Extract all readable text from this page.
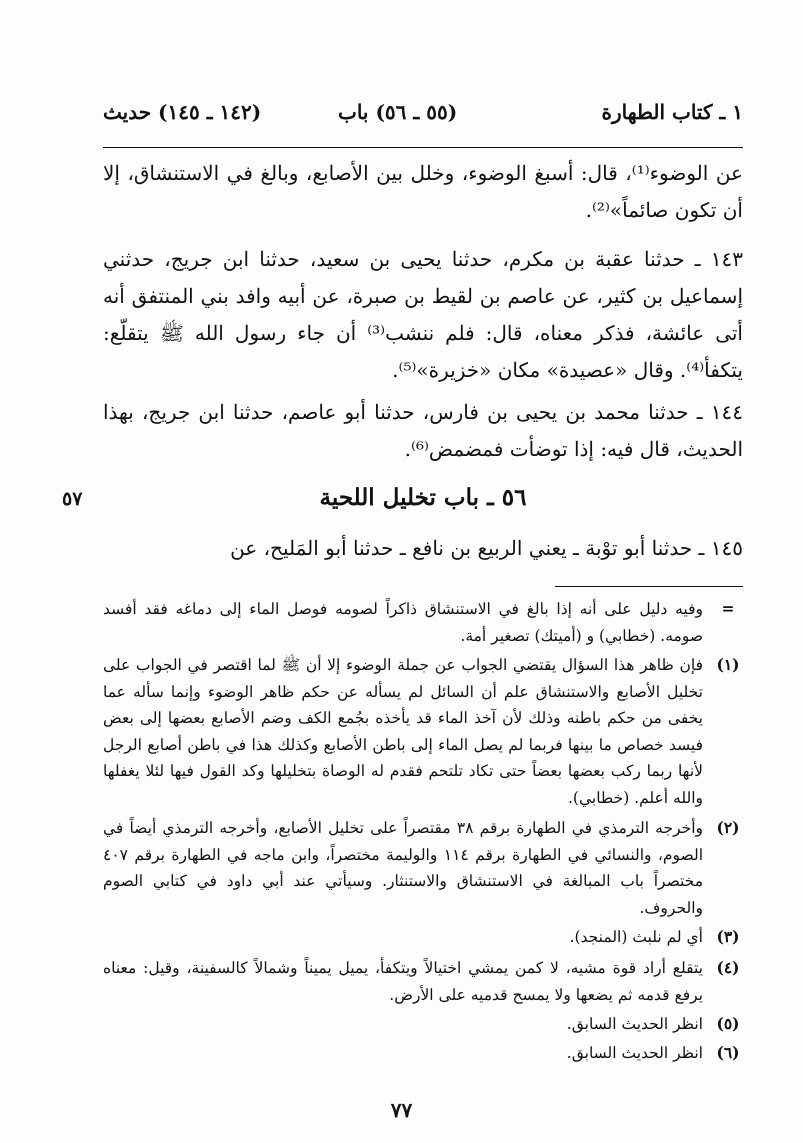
١ ـ كتاب الطهارة
(٥٥ ـ ٥٦) باب
(١٤٢ ـ ١٤٥) حديث
عن الوضوء⁽¹⁾، قال: أسبغ الوضوء، وخلل بين الأصابع، وبالغ في الاستنشاق، إلا أن تكون صائماً»⁽²⁾.
١٤٣ ـ حدثنا عقبة بن مكرم، حدثنا يحيى بن سعيد، حدثنا ابن جريج، حدثني إسماعيل بن كثير، عن عاصم بن لقيط بن صبرة، عن أبيه وافد بني المنتفق أنه أتى عائشة، فذكر معناه، قال: فلم ننشب⁽³⁾ أن جاء رسول الله ﷺ يتقلّع: يتكفأ⁽⁴⁾. وقال «عصيدة» مكان «خزيرة»⁽⁵⁾.
١٤٤ ـ حدثنا محمد بن يحيى بن فارس، حدثنا أبو عاصم، حدثنا ابن جريج، بهذا الحديث، قال فيه: إذا توضأت فمضمض⁽⁶⁾.
٥٦ ـ باب تخليل اللحية
٥٧
١٤٥ ـ حدثنا أبو توْبة ـ يعني الربيع بن نافع ـ حدثنا أبو المَليح، عن
=
وفيه دليل على أنه إذا بالغ في الاستنشاق ذاكراً لصومه فوصل الماء إلى دماغه فقد أفسد صومه. (خطابي) و (أميتك) تصغير أمة.
(١)
فإن ظاهر هذا السؤال يقتضي الجواب عن جملة الوضوء إلا أن ﷺ لما اقتصر في الجواب على تخليل الأصابع والاستنشاق علم أن السائل لم يسأله عن حكم ظاهر الوضوء وإنما سأله عما يخفى من حكم باطنه وذلك لأن آخذ الماء قد يأخذه بجُمع الكف وضم الأصابع بعضها إلى بعض فيسد خصاص ما بينها فربما لم يصل الماء إلى باطن الأصابع وكذلك هذا في باطن أصابع الرجل لأنها ربما ركب بعضها بعضاً حتى تكاد تلتحم فقدم له الوصاة بتخليلها وكد القول فيها لئلا يغفلها والله أعلم. (خطابي).
(٢)
وأخرجه الترمذي في الطهارة برقم ٣٨ مقتصراً على تخليل الأصابع، وأخرجه الترمذي أيضاً في الصوم، والنسائي في الطهارة برقم ١١٤ والوليمة مختصراً، وابن ماجه في الطهارة برقم ٤٠٧ مختصراً باب المبالغة في الاستنشاق والاستنثار. وسيأتي عند أبي داود في كتابي الصوم والحروف.
(٣)
أي لم نلبث (المنجد).
(٤)
يتقلع أراد قوة مشيه، لا كمن يمشي اختيالاً ويتكفأ، يميل يميناً وشمالاً كالسفينة، وقيل: معناه يرفع قدمه ثم يضعها ولا يمسح قدميه على الأرض.
(٥)
انظر الحديث السابق.
(٦)
انظر الحديث السابق.
٧٧
